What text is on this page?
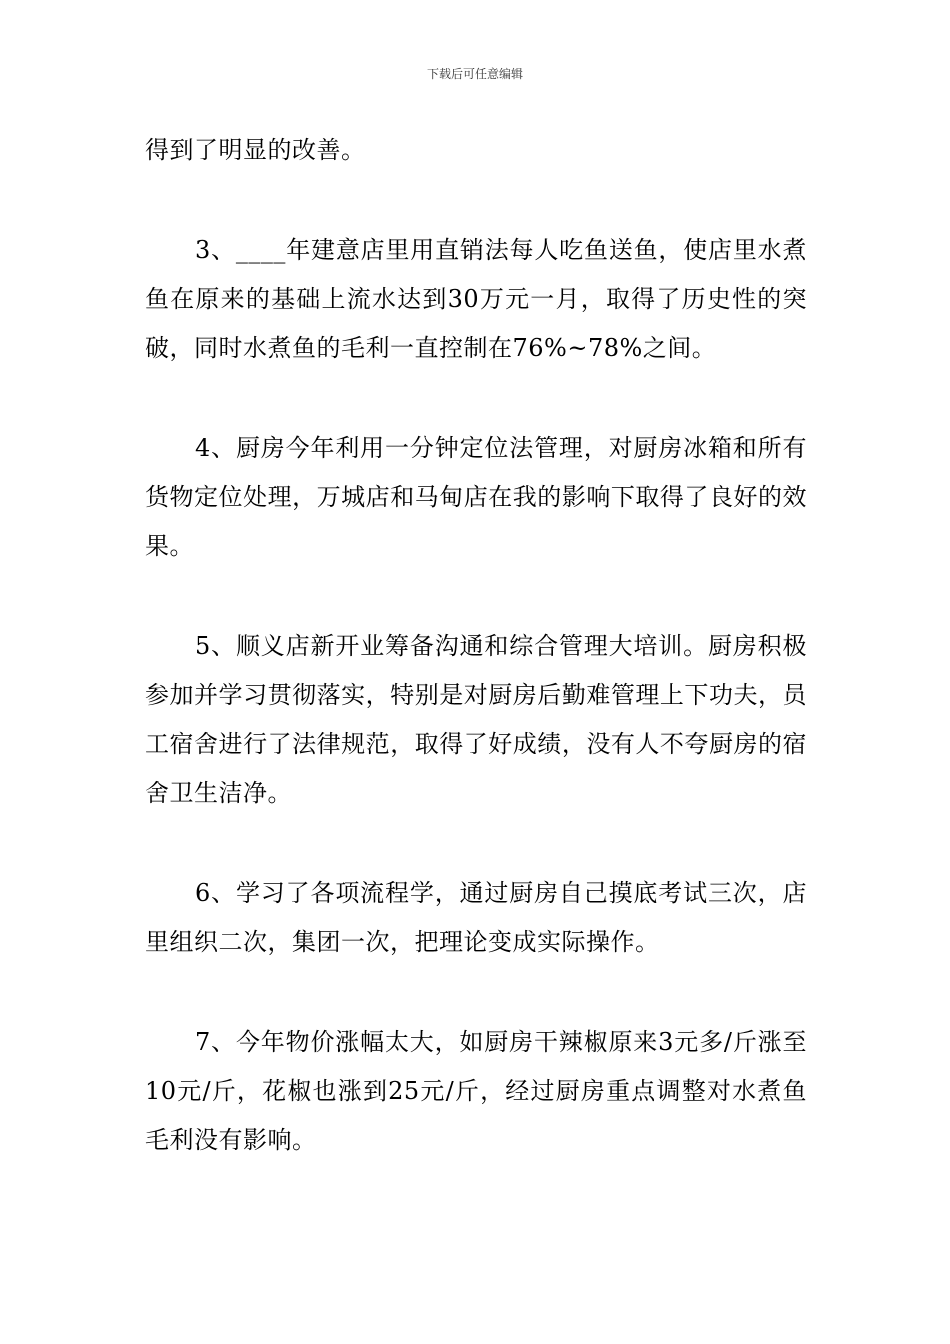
下载后可任意编辑

得到了明显的改善。

3、____年建意店里用直销法每人吃鱼送鱼，使店里水煮鱼在原来的基础上流水达到30万元一月，取得了历史性的突破，同时水煮鱼的毛利一直控制在76%~78%之间。

4、厨房今年利用一分钟定位法管理，对厨房冰箱和所有货物定位处理，万城店和马甸店在我的影响下取得了良好的效果。

5、顺义店新开业筹备沟通和综合管理大培训。厨房积极参加并学习贯彻落实，特别是对厨房后勤难管理上下功夫，员工宿舍进行了法律规范，取得了好成绩，没有人不夸厨房的宿舍卫生洁净。

6、学习了各项流程学，通过厨房自己摸底考试三次，店里组织二次，集团一次，把理论变成实际操作。

7、今年物价涨幅太大，如厨房干辣椒原来3元多/斤涨至10元/斤，花椒也涨到25元/斤，经过厨房重点调整对水煮鱼毛利没有影响。
